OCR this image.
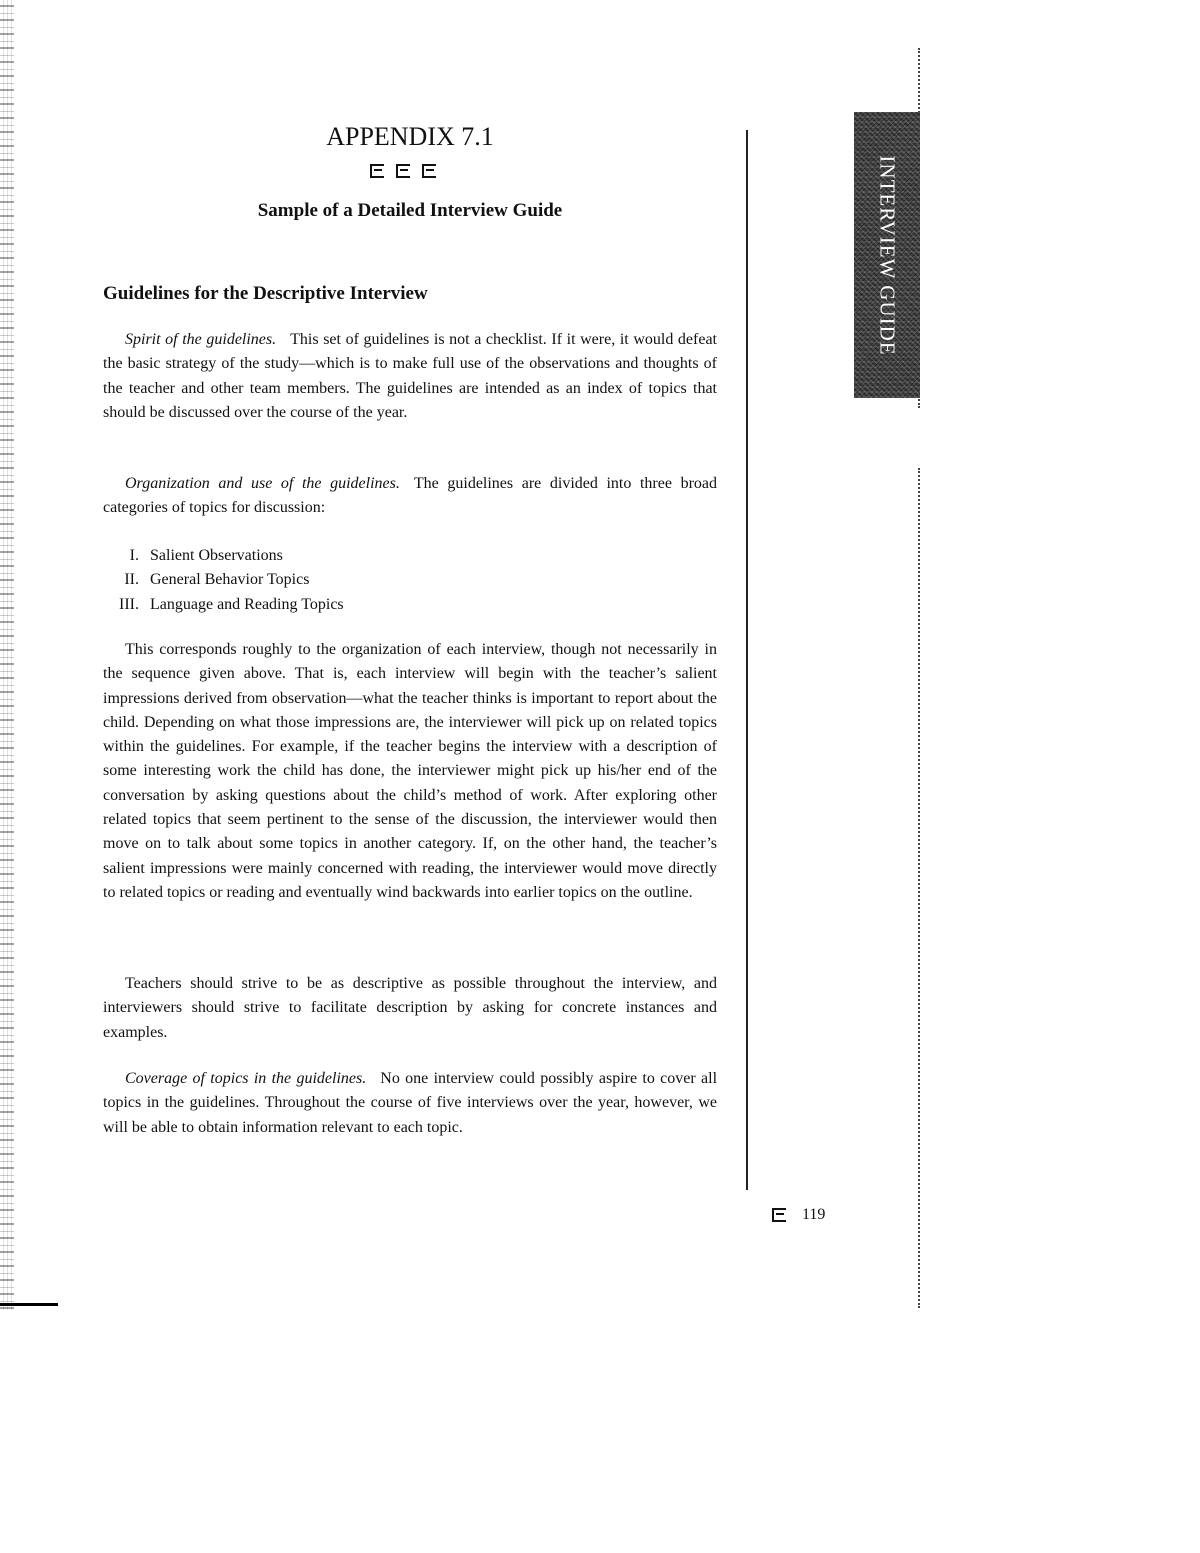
INTERVIEW GUIDE
APPENDIX 7.1
Sample of a Detailed Interview Guide
Guidelines for the Descriptive Interview

Spirit of the guidelines. This set of guidelines is not a checklist. If it were, it would defeat the basic strategy of the study—which is to make full use of the observations and thoughts of the teacher and other team members. The guidelines are intended as an index of topics that should be discussed over the course of the year.

Organization and use of the guidelines. The guidelines are divided into three broad categories of topics for discussion:

I. Salient Observations
II. General Behavior Topics
III. Language and Reading Topics

This corresponds roughly to the organization of each interview, though not necessarily in the sequence given above. That is, each interview will begin with the teacher’s salient impressions derived from observation—what the teacher thinks is important to report about the child. Depending on what those impressions are, the interviewer will pick up on related topics within the guidelines. For example, if the teacher begins the interview with a description of some interesting work the child has done, the interviewer might pick up his/her end of the conversation by asking questions about the child’s method of work. After exploring other related topics that seem pertinent to the sense of the discussion, the interviewer would then move on to talk about some topics in another category. If, on the other hand, the teacher’s salient impressions were mainly concerned with reading, the interviewer would move directly to related topics or reading and eventually wind backwards into earlier topics on the outline.

Teachers should strive to be as descriptive as possible throughout the interview, and interviewers should strive to facilitate description by asking for concrete instances and examples.

Coverage of topics in the guidelines. No one interview could possibly aspire to cover all topics in the guidelines. Throughout the course of five interviews over the year, however, we will be able to obtain information relevant to each topic.

119
